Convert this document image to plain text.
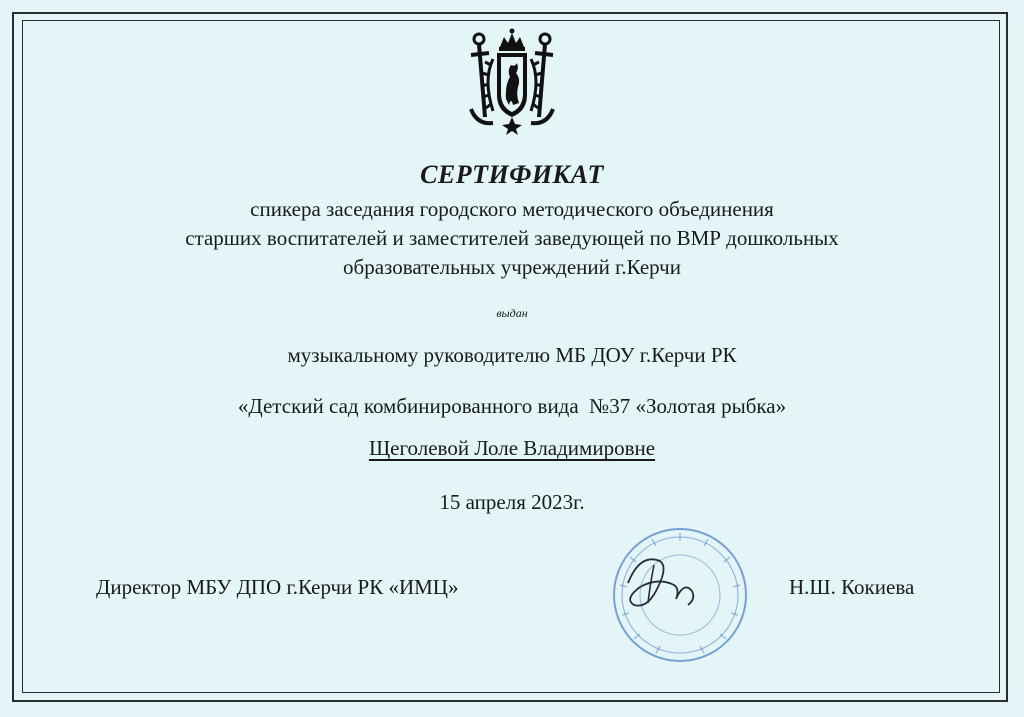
СЕРТИФИКАТ
спикера заседания городского методического объединения
старших воспитателей и заместителей заведующей по ВМР дошкольных
образовательных учреждений г.Керчи
выдан
музыкальному руководителю МБ ДОУ г.Керчи РК
«Детский сад комбинированного вида  №37 «Золотая рыбка»
Щеголевой Лоле Владимировне
15 апреля 2023г.
Директор МБУ ДПО г.Керчи РК «ИМЦ»	Н.Ш. Кокиева
